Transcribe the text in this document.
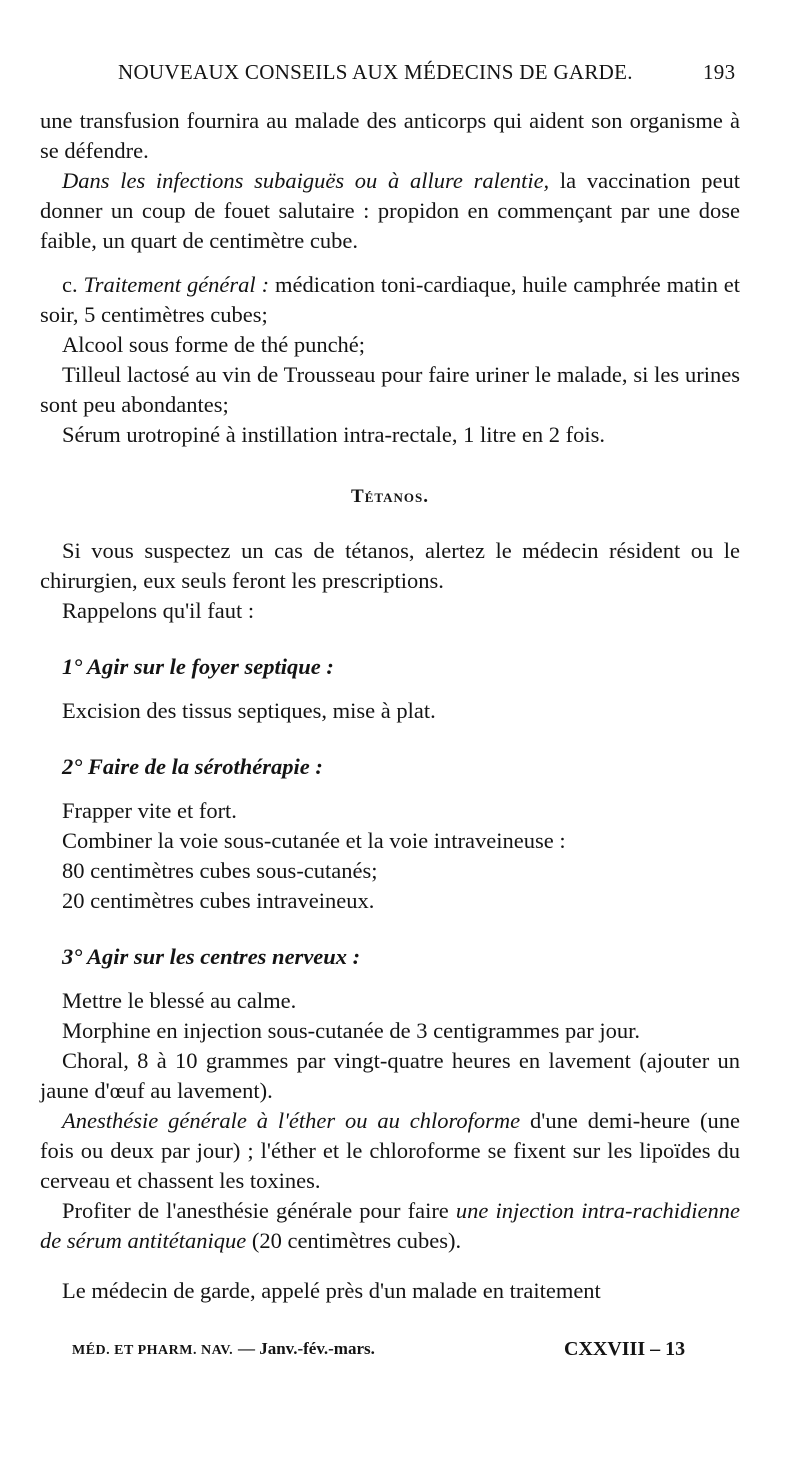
NOUVEAUX CONSEILS AUX MÉDECINS DE GARDE.	193

une transfusion fournira au malade des anticorps qui aident son organisme à se défendre.

Dans les infections subaiguës ou à allure ralentie, la vaccination peut donner un coup de fouet salutaire : propidon en commençant par une dose faible, un quart de centimètre cube.

c. Traitement général : médication toni-cardiaque, huile camphrée matin et soir, 5 centimètres cubes;

Alcool sous forme de thé punché;

Tilleul lactosé au vin de Trousseau pour faire uriner le malade, si les urines sont peu abondantes;

Sérum urotropiné à instillation intra-rectale, 1 litre en 2 fois.

Tétanos.

Si vous suspectez un cas de tétanos, alertez le médecin résident ou le chirurgien, eux seuls feront les prescriptions.

Rappelons qu'il faut :

1° Agir sur le foyer septique :

Excision des tissus septiques, mise à plat.

2° Faire de la sérothérapie :

Frapper vite et fort.

Combiner la voie sous-cutanée et la voie intraveineuse :

80 centimètres cubes sous-cutanés;

20 centimètres cubes intraveineux.

3° Agir sur les centres nerveux :

Mettre le blessé au calme.

Morphine en injection sous-cutanée de 3 centigrammes par jour.

Choral, 8 à 10 grammes par vingt-quatre heures en lavement (ajouter un jaune d'œuf au lavement).

Anesthésie générale à l'éther ou au chloroforme d'une demi-heure (une fois ou deux par jour) ; l'éther et le chloroforme se fixent sur les lipoïdes du cerveau et chassent les toxines.

Profiter de l'anesthésie générale pour faire une injection intra-rachidienne de sérum antitétanique (20 centimètres cubes).

Le médecin de garde, appelé près d'un malade en traitement

MÉD. ET PHARM. NAV. — Janv.-fév.-mars.	CXXVIII – 13
